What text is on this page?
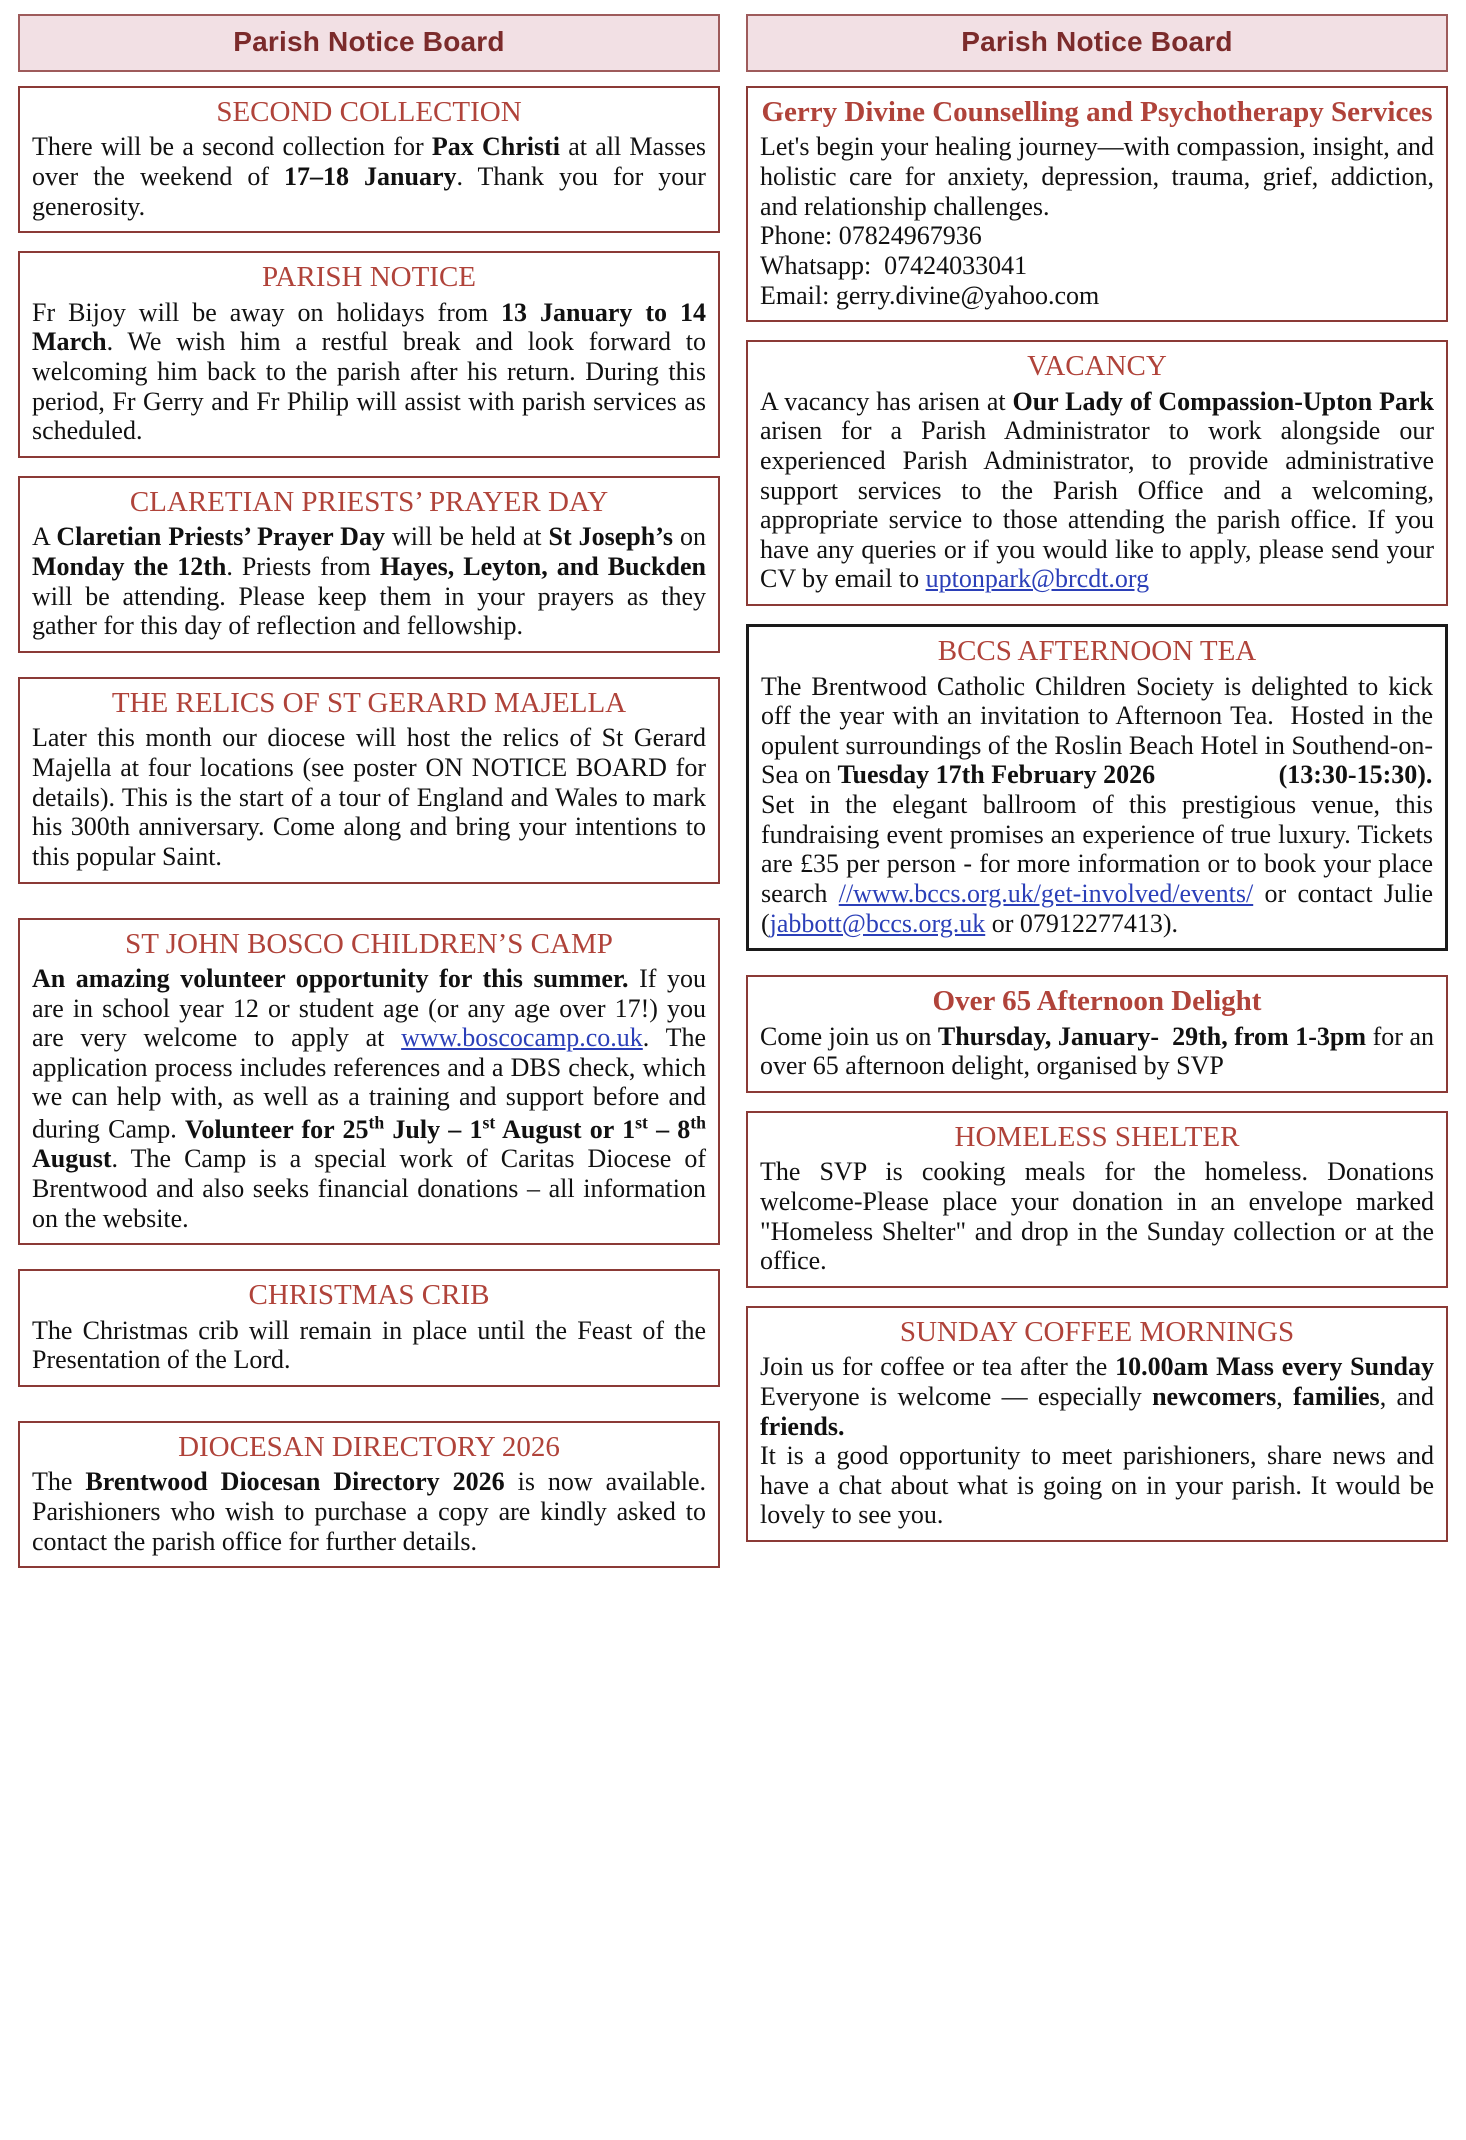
Parish Notice Board
SECOND COLLECTION
There will be a second collection for Pax Christi at all Masses over the weekend of 17–18 January. Thank you for your generosity.
PARISH NOTICE
Fr Bijoy will be away on holidays from 13 January to 14 March. We wish him a restful break and look forward to welcoming him back to the parish after his return. During this period, Fr Gerry and Fr Philip will assist with parish services as scheduled.
CLARETIAN PRIESTS’ PRAYER DAY
A Claretian Priests’ Prayer Day will be held at St Joseph’s on Monday the 12th. Priests from Hayes, Leyton, and Buckden will be attending. Please keep them in your prayers as they gather for this day of reflection and fellowship.
THE RELICS OF ST GERARD MAJELLA
Later this month our diocese will host the relics of St Gerard Majella at four locations (see poster ON NOTICE BOARD for details). This is the start of a tour of England and Wales to mark his 300th anniversary. Come along and bring your intentions to this popular Saint.
ST JOHN BOSCO CHILDREN’S CAMP
An amazing volunteer opportunity for this summer. If you are in school year 12 or student age (or any age over 17!) you are very welcome to apply at www.boscocamp.co.uk. The application process includes references and a DBS check, which we can help with, as well as a training and support before and during Camp. Volunteer for 25th July – 1st August or 1st – 8th August. The Camp is a special work of Caritas Diocese of Brentwood and also seeks financial donations – all information on the website.
CHRISTMAS CRIB
The Christmas crib will remain in place until the Feast of the Presentation of the Lord.
DIOCESAN DIRECTORY 2026
The Brentwood Diocesan Directory 2026 is now available. Parishioners who wish to purchase a copy are kindly asked to contact the parish office for further details.
Parish Notice Board
Gerry Divine Counselling and Psychotherapy Services
Let's begin your healing journey—with compassion, insight, and holistic care for anxiety, depression, trauma, grief, addiction, and relationship challenges.
Phone: 07824967936
Whatsapp:  07424033041
Email: gerry.divine@yahoo.com
VACANCY
A vacancy has arisen at Our Lady of Compassion-Upton Park arisen for a Parish Administrator to work alongside our experienced Parish Administrator, to provide administrative support services to the Parish Office and a welcoming, appropriate service to those attending the parish office. If you have any queries or if you would like to apply, please send your CV by email to uptonpark@brcdt.org
BCCS AFTERNOON TEA
The Brentwood Catholic Children Society is delighted to kick off the year with an invitation to Afternoon Tea.  Hosted in the opulent surroundings of the Roslin Beach Hotel in Southend-on-Sea on Tuesday 17th February 2026                   (13:30-15:30).
Set in the elegant ballroom of this prestigious venue, this fundraising event promises an experience of true luxury. Tickets are £35 per person - for more information or to book your place search //www.bccs.org.uk/get-involved/events/ or contact Julie (jabbott@bccs.org.uk or 07912277413).
Over 65 Afternoon Delight
Come join us on Thursday, January-  29th, from 1-3pm for an over 65 afternoon delight, organised by SVP
HOMELESS SHELTER
The SVP is cooking meals for the homeless. Donations welcome-Please place your donation in an envelope marked "Homeless Shelter" and drop in the Sunday collection or at the office.
SUNDAY COFFEE MORNINGS
Join us for coffee or tea after the 10.00am Mass every Sunday Everyone is welcome — especially newcomers, families, and friends.
It is a good opportunity to meet parishioners, share news and have a chat about what is going on in your parish. It would be lovely to see you.
